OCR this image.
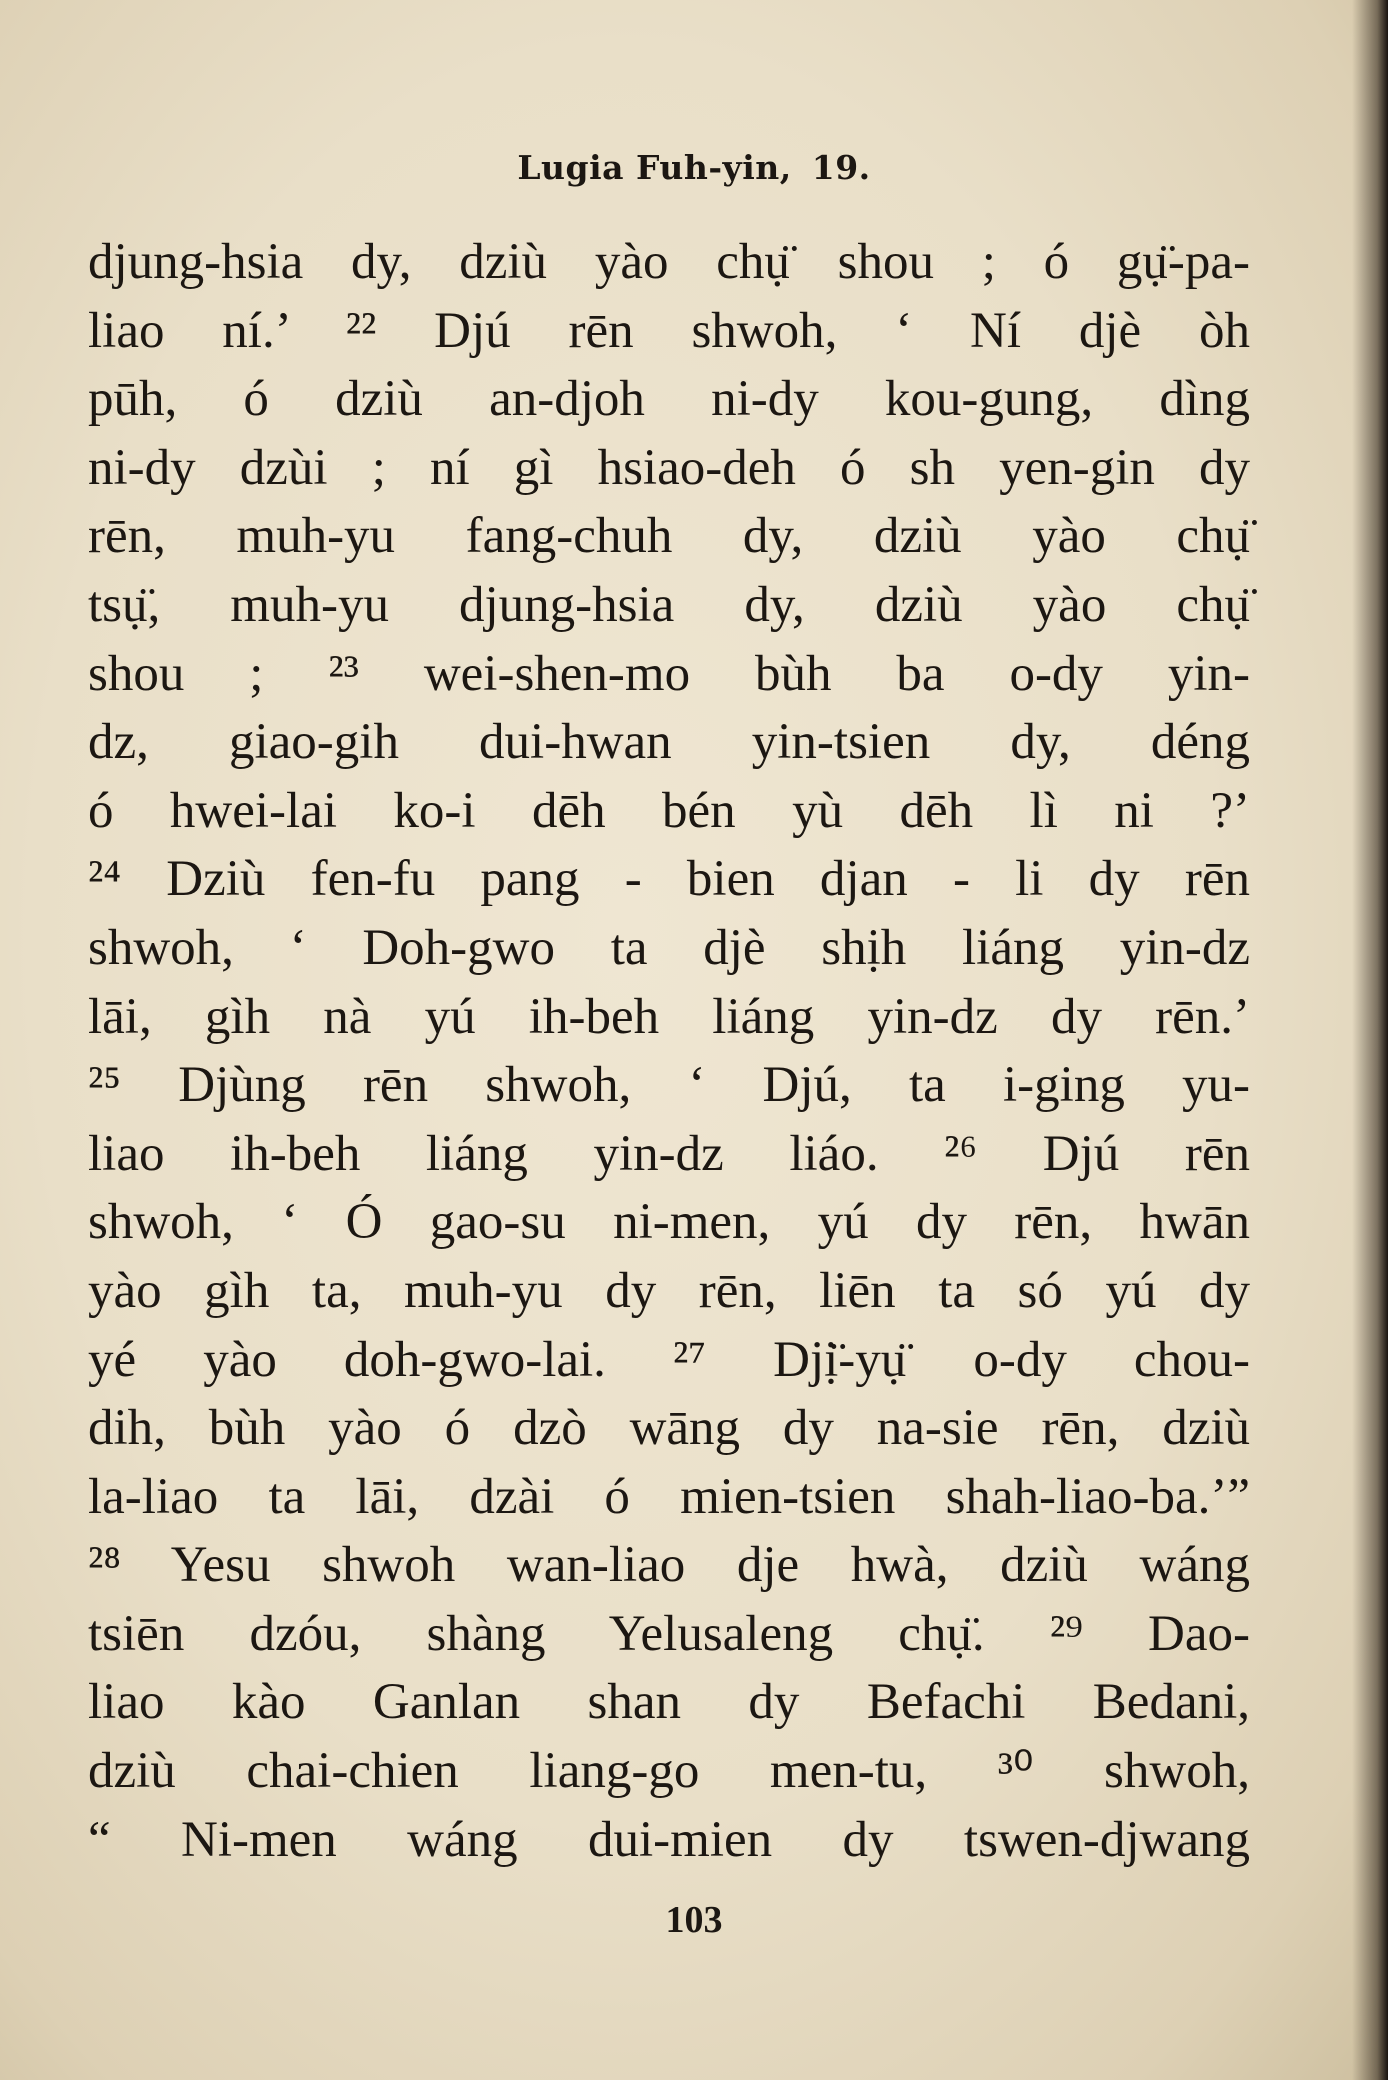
Lugia Fuh-yin, 19.
djung-hsia dy, dziù yào chụ̈ shou ; ó gụ̈-pa-
liao ní.’ ²² Djú rēn shwoh, ‘ Ní djè òh
pūh, ó dziù an-djoh ni-dy kou-gung, dìng
ni-dy dzùi ; ní gì hsiao-deh ó sh yen-gin dy
rēn, muh-yu fang-chuh dy, dziù yào chụ̈
tsụ̈, muh-yu djung-hsia dy, dziù yào chụ̈
shou ; ²³ wei-shen-mo bùh ba o-dy yin-
dz, giao-gih dui-hwan yin-tsien dy, déng
ó hwei-lai ko-i dēh bén yù dēh lì ni ?’
²⁴ Dziù fen-fu pang - bien djan - li dy rēn
shwoh, ‘ Doh-gwo ta djè shịh liáng yin-dz
lāi, gìh nà yú ih-beh liáng yin-dz dy rēn.’
²⁵ Djùng rēn shwoh, ‘ Djú, ta i-ging yu-
liao ih-beh liáng yin-dz liáo. ²⁶ Djú rēn
shwoh, ‘ Ó gao-su ni-men, yú dy rēn, hwān
yào gìh ta, muh-yu dy rēn, liēn ta só yú dy
yé yào doh-gwo-lai. ²⁷ Djị̈-yụ̈ o-dy chou-
dih, bùh yào ó dzò wāng dy na-sie rēn, dziù
la-liao ta lāi, dzài ó mien-tsien shah-liao-ba.’”
²⁸ Yesu shwoh wan-liao dje hwà, dziù wáng
tsiēn dzóu, shàng Yelusaleng chụ̈. ²⁹ Dao-
liao kào Ganlan shan dy Befachi Bedani,
dziù chai-chien liang-go men-tu, ³⁰ shwoh,
“ Ni-men wáng dui-mien dy tswen-djwang
103
